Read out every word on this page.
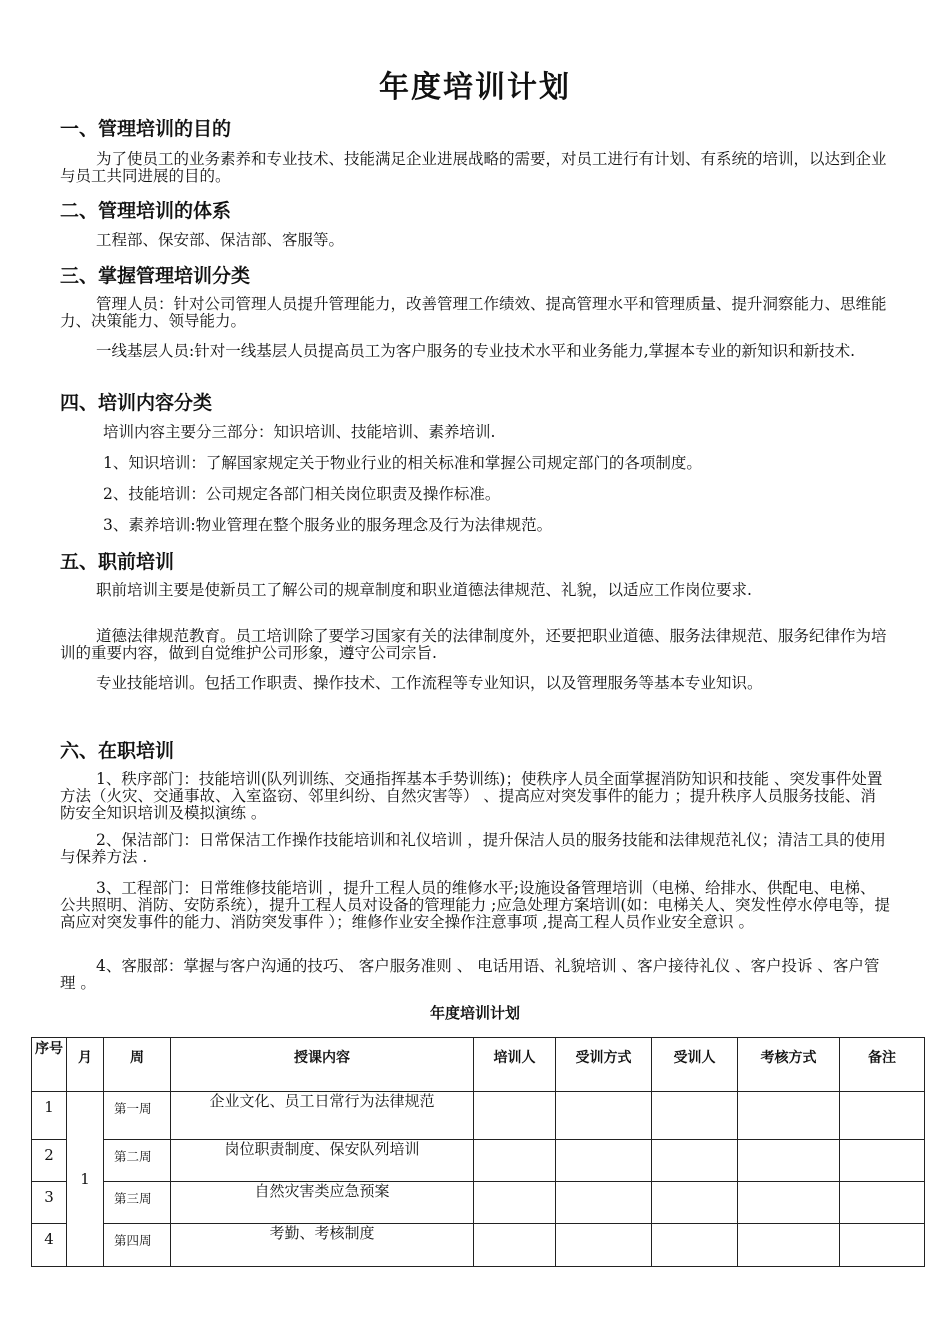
年度培训计划
一、管理培训的目的
为了使员工的业务素养和专业技术、技能满足企业进展战略的需要，对员工进行有计划、有系统的培训，以达到企业与员工共同进展的目的。
二、管理培训的体系
工程部、保安部、保洁部、客服等。
三、掌握管理培训分类
管理人员：针对公司管理人员提升管理能力，改善管理工作绩效、提高管理水平和管理质量、提升洞察能力、思维能力、决策能力、领导能力。
一线基层人员:针对一线基层人员提高员工为客户服务的专业技术水平和业务能力,掌握本专业的新知识和新技术.
四、培训内容分类
培训内容主要分三部分：知识培训、技能培训、素养培训.
1、知识培训：了解国家规定关于物业行业的相关标准和掌握公司规定部门的各项制度。
2、技能培训：公司规定各部门相关岗位职责及操作标准。
3、素养培训:物业管理在整个服务业的服务理念及行为法律规范。
五、职前培训
职前培训主要是使新员工了解公司的规章制度和职业道德法律规范、礼貌，以适应工作岗位要求.
道德法律规范教育。员工培训除了要学习国家有关的法律制度外，还要把职业道德、服务法律规范、服务纪律作为培训的重要内容，做到自觉维护公司形象，遵守公司宗旨.
专业技能培训。包括工作职责、操作技术、工作流程等专业知识，以及管理服务等基本专业知识。
六、在职培训
1、秩序部门：技能培训(队列训练、交通指挥基本手势训练)；使秩序人员全面掌握消防知识和技能 、突发事件处置方法（火灾、交通事故、入室盗窃、邻里纠纷、自然灾害等） 、提高应对突发事件的能力 ；提升秩序人员服务技能、消防安全知识培训及模拟演练 。
2、保洁部门：日常保洁工作操作技能培训和礼仪培训 ，提升保洁人员的服务技能和法律规范礼仪；清洁工具的使用与保养方法 .
3、工程部门：日常维修技能培训 ，提升工程人员的维修水平;设施设备管理培训（电梯、给排水、供配电、电梯、公共照明、消防、安防系统），提升工程人员对设备的管理能力 ;应急处理方案培训(如：电梯关人、突发性停水停电等，提高应对突发事件的能力、消防突发事件 ）；维修作业安全操作注意事项 ,提高工程人员作业安全意识 。
4、客服部：掌握与客户沟通的技巧、 客户服务准则 、 电话用语、礼貌培训 、客户接待礼仪 、客户投诉 、客户管理 。
年度培训计划
序号	月	周	授课内容	培训人	受训方式	受训人	考核方式	备注
1	1	第一周	企业文化、员工日常行为法律规范					
2		第二周	岗位职责制度、保安队列培训					
3		第三周	自然灾害类应急预案					
4		第四周	考勤、考核制度					
